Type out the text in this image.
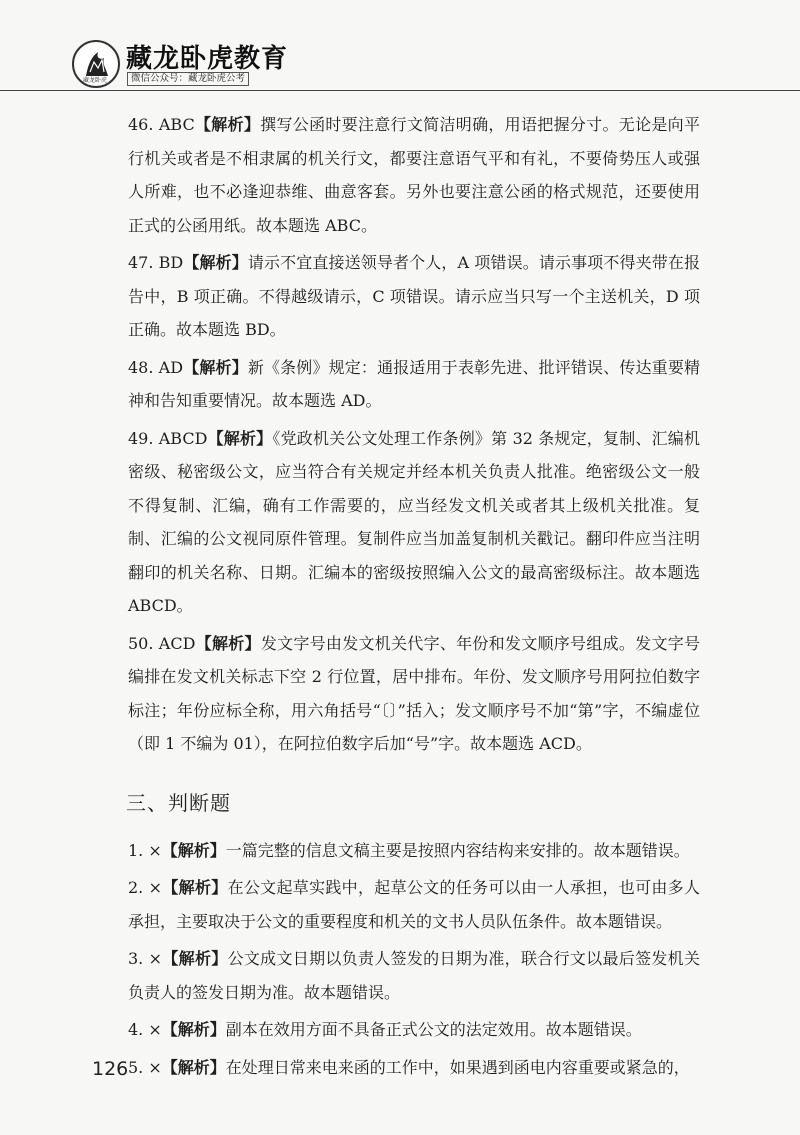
藏龙卧虎
藏龙卧虎教育
微信公众号：藏龙卧虎公考

46. ABC【解析】撰写公函时要注意行文简洁明确，用语把握分寸。无论是向平行机关或者是不相隶属的机关行文，都要注意语气平和有礼，不要倚势压人或强人所难，也不必逢迎恭维、曲意客套。另外也要注意公函的格式规范，还要使用正式的公函用纸。故本题选 ABC。

47. BD【解析】请示不宜直接送领导者个人，A 项错误。请示事项不得夹带在报告中，B 项正确。不得越级请示，C 项错误。请示应当只写一个主送机关，D 项正确。故本题选 BD。

48. AD【解析】新《条例》规定：通报适用于表彰先进、批评错误、传达重要精神和告知重要情况。故本题选 AD。

49. ABCD【解析】《党政机关公文处理工作条例》第 32 条规定，复制、汇编机密级、秘密级公文，应当符合有关规定并经本机关负责人批准。绝密级公文一般不得复制、汇编，确有工作需要的，应当经发文机关或者其上级机关批准。复制、汇编的公文视同原件管理。复制件应当加盖复制机关戳记。翻印件应当注明翻印的机关名称、日期。汇编本的密级按照编入公文的最高密级标注。故本题选 ABCD。

50. ACD【解析】发文字号由发文机关代字、年份和发文顺序号组成。发文字号编排在发文机关标志下空 2 行位置，居中排布。年份、发文顺序号用阿拉伯数字标注；年份应标全称，用六角括号“〔〕”括入；发文顺序号不加“第”字，不编虚位（即 1 不编为 01），在阿拉伯数字后加“号”字。故本题选 ACD。

三、判断题

1. ×【解析】一篇完整的信息文稿主要是按照内容结构来安排的。故本题错误。

2. ×【解析】在公文起草实践中，起草公文的任务可以由一人承担，也可由多人承担，主要取决于公文的重要程度和机关的文书人员队伍条件。故本题错误。

3. ×【解析】公文成文日期以负责人签发的日期为准，联合行文以最后签发机关负责人的签发日期为准。故本题错误。

4. ×【解析】副本在效用方面不具备正式公文的法定效用。故本题错误。

5. ×【解析】在处理日常来电来函的工作中，如果遇到函电内容重要或紧急的，

126
